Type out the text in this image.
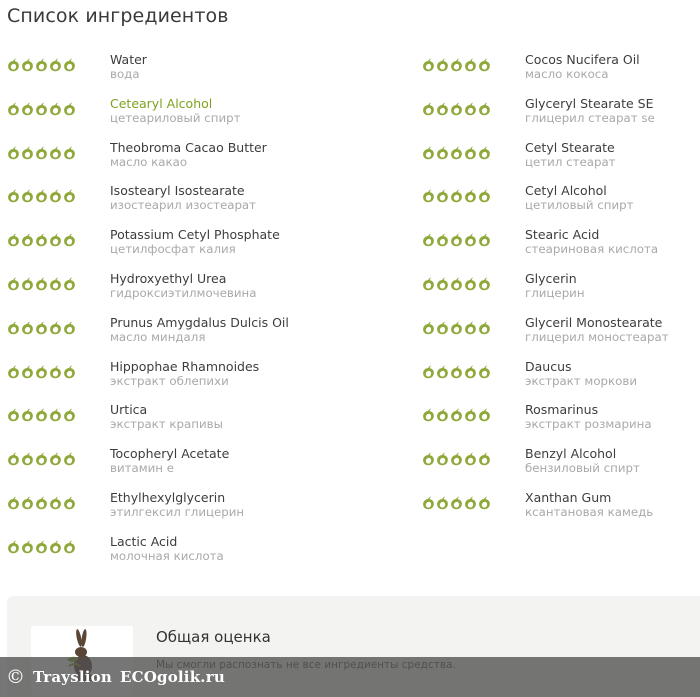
Список ингредиентов
Water
вода
Cetearyl Alcohol
цетеариловый спирт
Theobroma Cacao Butter
масло какао
Isostearyl Isostearate
изостеарил изостеарат
Potassium Cetyl Phosphate
цетилфосфат калия
Hydroxyethyl Urea
гидроксиэтилмочевина
Prunus Amygdalus Dulcis Oil
масло миндаля
Hippophae Rhamnoides
экстракт облепихи
Urtica
экстракт крапивы
Tocopheryl Acetate
витамин е
Ethylhexylglycerin
этилгексил глицерин
Lactic Acid
молочная кислота
Cocos Nucifera Oil
масло кокоса
Glyceryl Stearate SE
глицерил стеарат se
Cetyl Stearate
цетил стеарат
Cetyl Alcohol
цетиловый спирт
Stearic Acid
стеариновая кислота
Glycerin
глицерин
Glyceril Monostearate
глицерил моностеарат
Daucus
экстракт моркови
Rosmarinus
экстракт розмарина
Benzyl Alcohol
бензиловый спирт
Xanthan Gum
ксантановая камедь
Общая оценка
© Trayslion ECOgolik.ru
